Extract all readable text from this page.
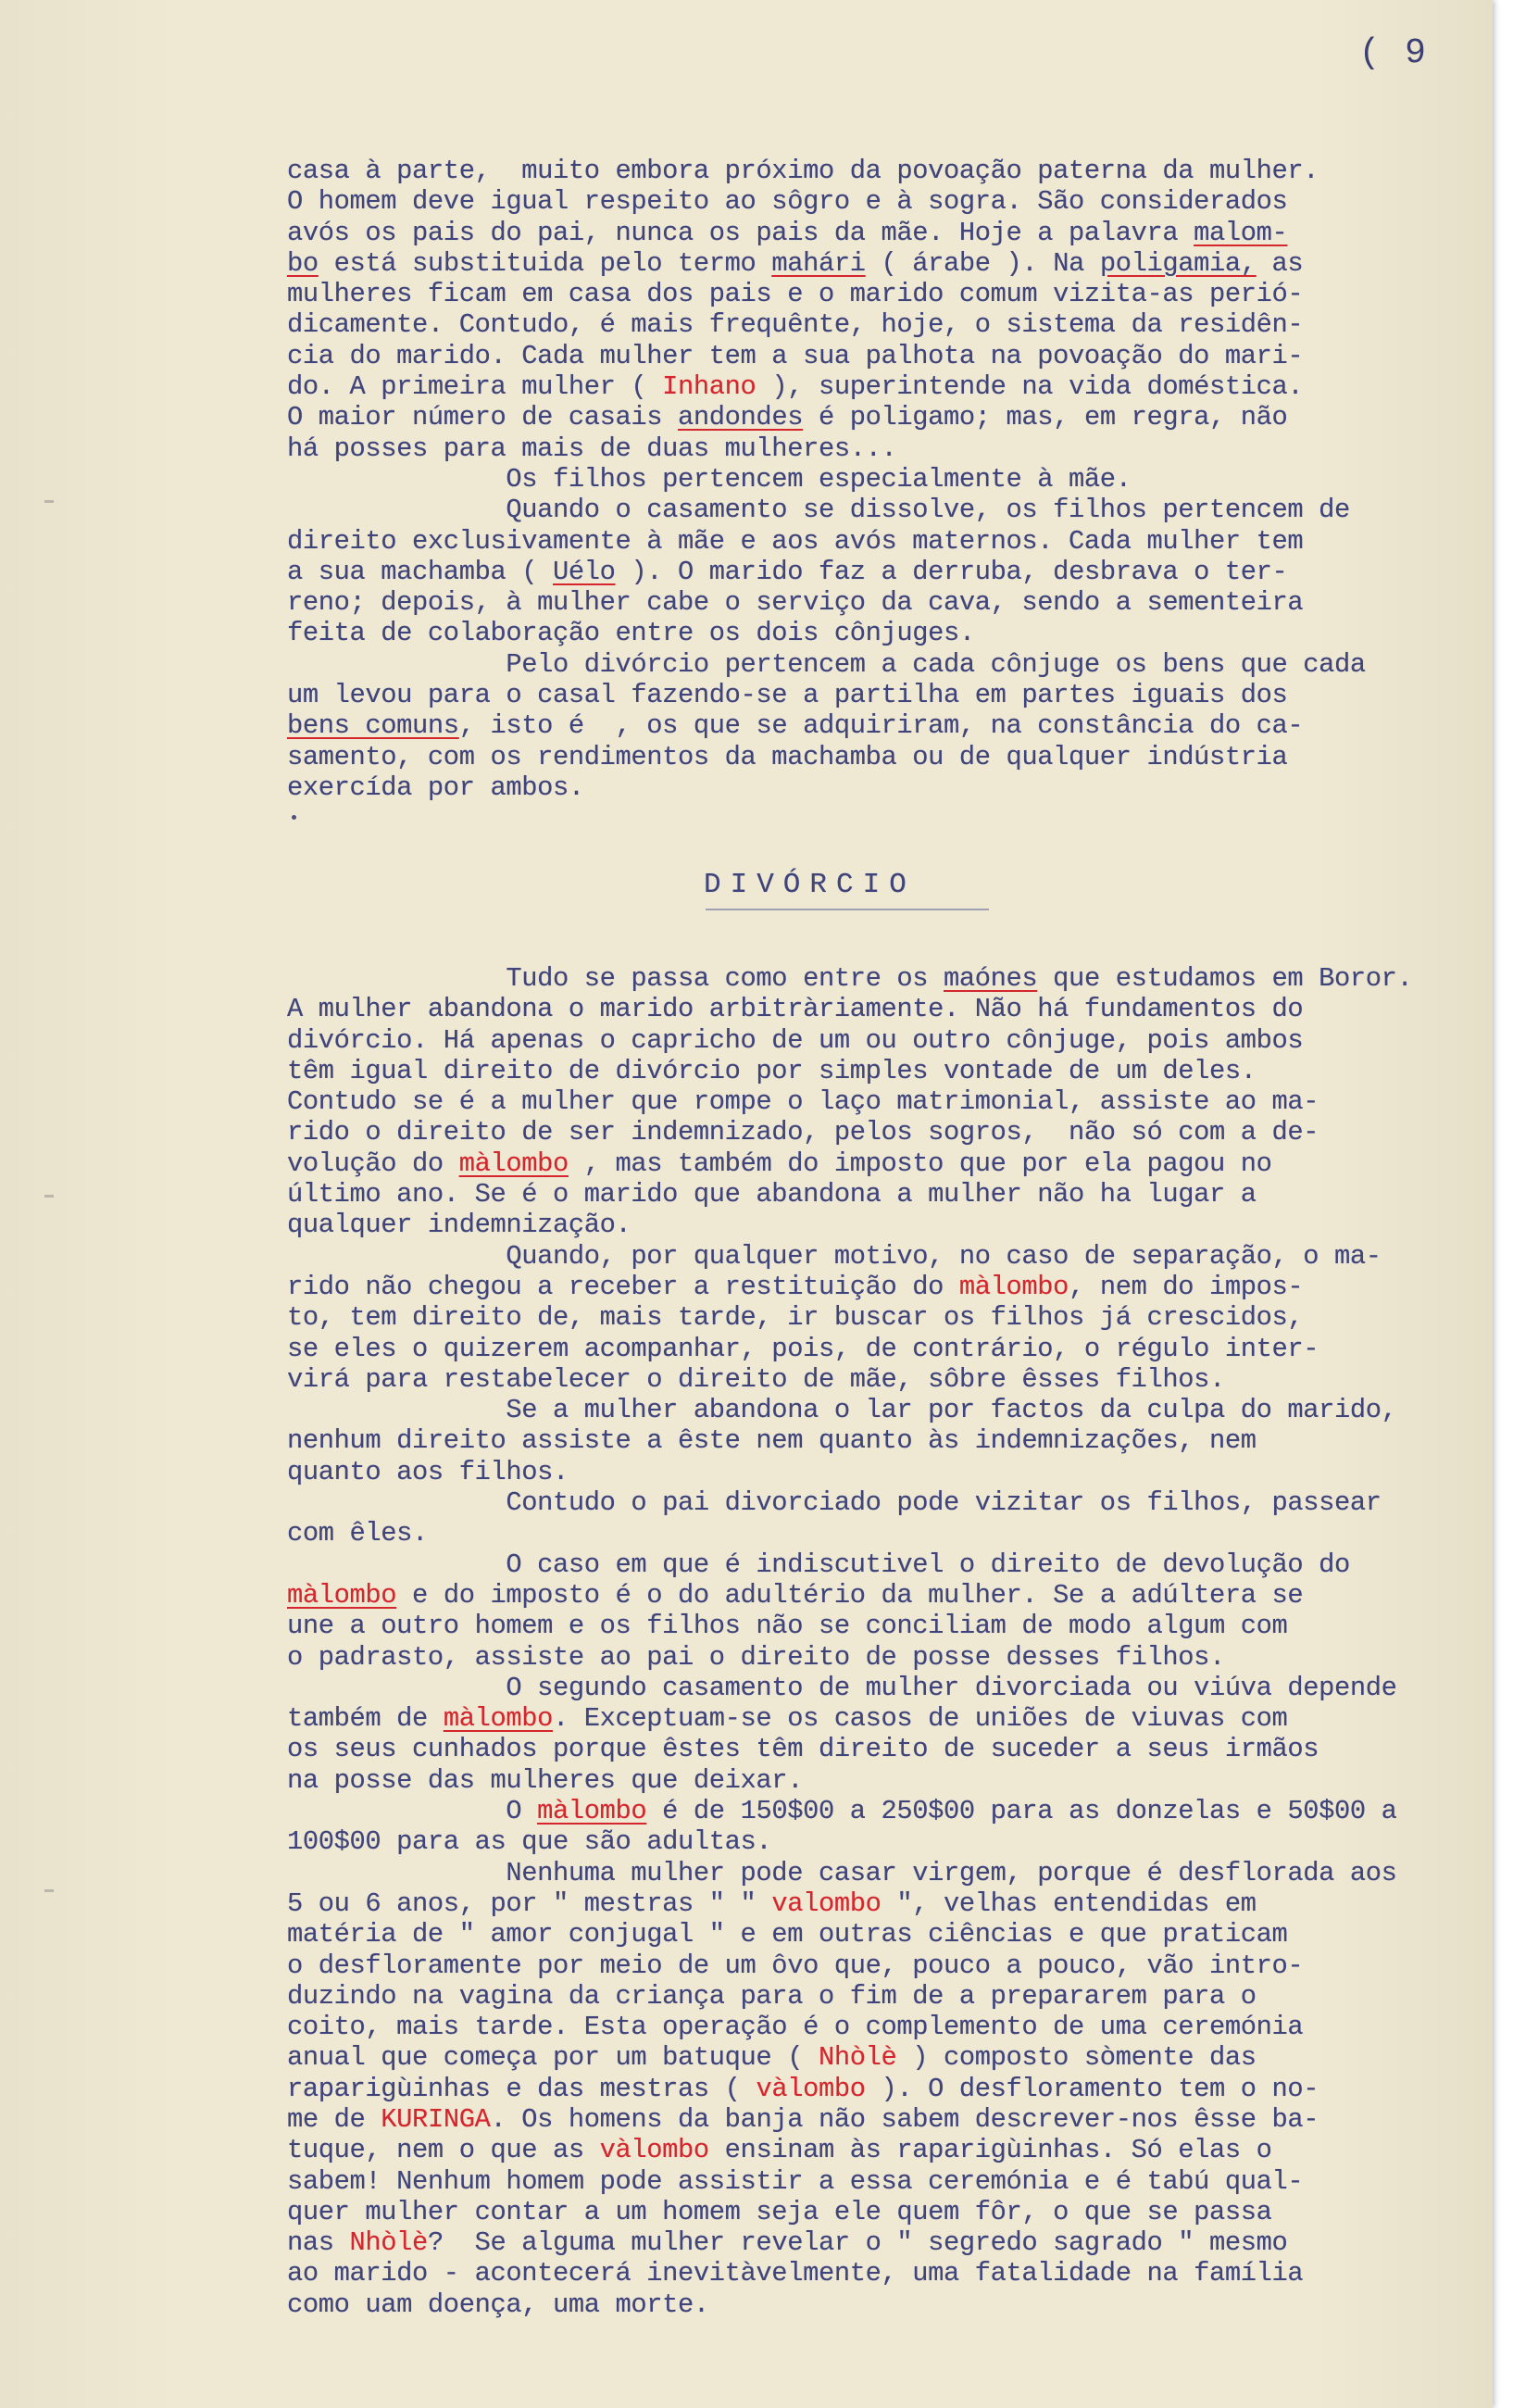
( 9
casa à parte,  muito embora próximo da povoação paterna da mulher.
O homem deve igual respeito ao sôgro e à sogra. São considerados
avós os pais do pai, nunca os pais da mãe. Hoje a palavra malom-
bo está substituida pelo termo mahári ( árabe ). Na poligamia, as
mulheres ficam em casa dos pais e o marido comum vizita-as perió-
dicamente. Contudo, é mais frequênte, hoje, o sistema da residên-
cia do marido. Cada mulher tem a sua palhota na povoação do mari-
do. A primeira mulher ( Inhano ), superintende na vida doméstica.
O maior número de casais andondes é poligamo; mas, em regra, não
há posses para mais de duas mulheres...
Os filhos pertencem especialmente à mãe.
Quando o casamento se dissolve, os filhos pertencem de
direito exclusivamente à mãe e aos avós maternos. Cada mulher tem
a sua machamba ( Uélo ). O marido faz a derruba, desbrava o ter-
reno; depois, à mulher cabe o serviço da cava, sendo a sementeira
feita de colaboração entre os dois cônjuges.
Pelo divórcio pertencem a cada cônjuge os bens que cada
um levou para o casal fazendo-se a partilha em partes iguais dos
bens comuns, isto é  , os que se adquiriram, na constância do ca-
samento, com os rendimentos da machamba ou de qualquer indústria
exercída por ambos.
DIVÓRCIO
Tudo se passa como entre os maónes que estudamos em Boror.
A mulher abandona o marido arbitràriamente. Não há fundamentos do
divórcio. Há apenas o capricho de um ou outro cônjuge, pois ambos
têm igual direito de divórcio por simples vontade de um deles.
Contudo se é a mulher que rompe o laço matrimonial, assiste ao ma-
rido o direito de ser indemnizado, pelos sogros,  não só com a de-
volução do màlombo , mas também do imposto que por ela pagou no
último ano. Se é o marido que abandona a mulher não ha lugar a
qualquer indemnização.
Quando, por qualquer motivo, no caso de separação, o ma-
rido não chegou a receber a restituição do màlombo, nem do impos-
to, tem direito de, mais tarde, ir buscar os filhos já crescidos,
se eles o quizerem acompanhar, pois, de contrário, o régulo inter-
virá para restabelecer o direito de mãe, sôbre êsses filhos.
Se a mulher abandona o lar por factos da culpa do marido,
nenhum direito assiste a êste nem quanto às indemnizações, nem
quanto aos filhos.
Contudo o pai divorciado pode vizitar os filhos, passear
com êles.
O caso em que é indiscutivel o direito de devolução do
màlombo e do imposto é o do adultério da mulher. Se a adúltera se
une a outro homem e os filhos não se conciliam de modo algum com
o padrasto, assiste ao pai o direito de posse desses filhos.
O segundo casamento de mulher divorciada ou viúva depende
também de màlombo. Exceptuam-se os casos de uniões de viuvas com
os seus cunhados porque êstes têm direito de suceder a seus irmãos
na posse das mulheres que deixar.
O màlombo é de 150$00 a 250$00 para as donzelas e 50$00 a
100$00 para as que são adultas.
Nenhuma mulher pode casar virgem, porque é desflorada aos
5 ou 6 anos, por " mestras " " valombo ", velhas entendidas em
matéria de " amor conjugal " e em outras ciências e que praticam
o desfloramente por meio de um ôvo que, pouco a pouco, vão intro-
duzindo na vagina da criança para o fim de a prepararem para o
coito, mais tarde. Esta operação é o complemento de uma ceremónia
anual que começa por um batuque ( Nhòlè ) composto sòmente das
raparigùinhas e das mestras ( vàlombo ). O desfloramento tem o no-
me de KURINGA. Os homens da banja não sabem descrever-nos êsse ba-
tuque, nem o que as vàlombo ensinam às raparigùinhas. Só elas o
sabem! Nenhum homem pode assistir a essa ceremónia e é tabú qual-
quer mulher contar a um homem seja ele quem fôr, o que se passa
nas Nhòlè?  Se alguma mulher revelar o " segredo sagrado " mesmo
ao marido - acontecerá inevitàvelmente, uma fatalidade na família
como uam doença, uma morte.
